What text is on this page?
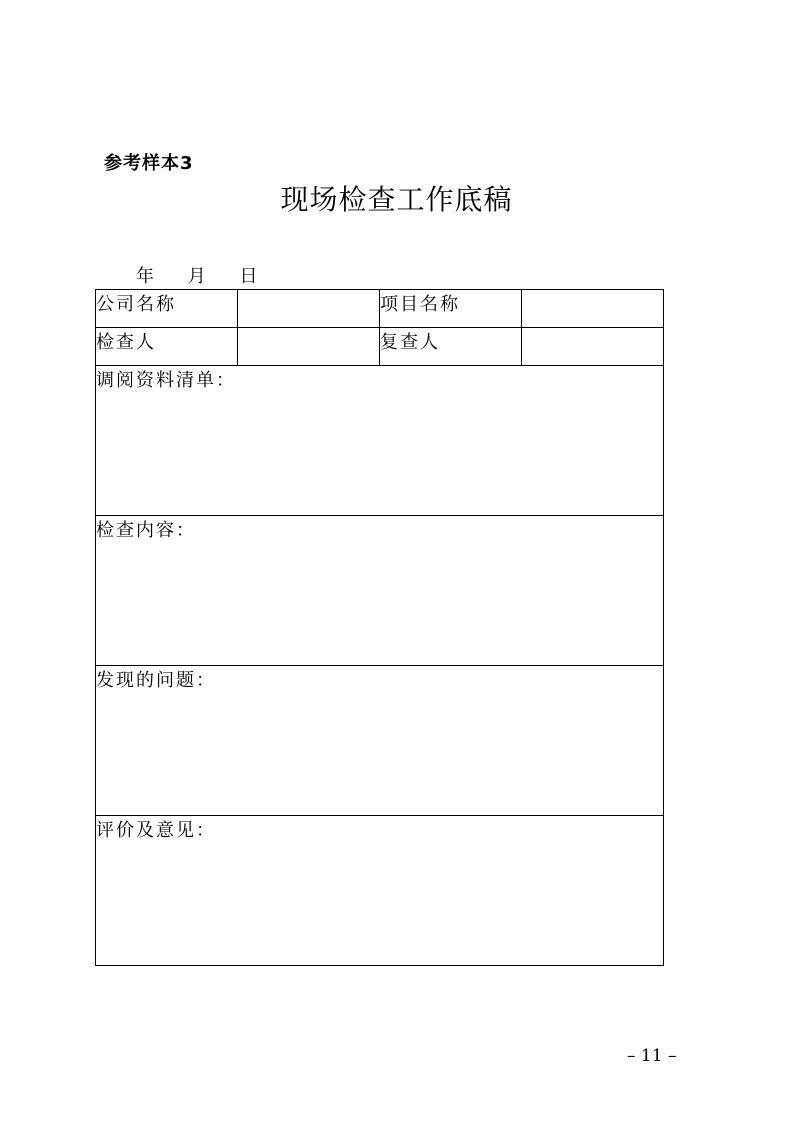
参考样本3
现场检查工作底稿
年 月 日
公司名称		项目名称	
检查人		复查人	

调阅资料清单：			

检查内容：			

发现的问题：			

评价及意见：			
– 11 –
